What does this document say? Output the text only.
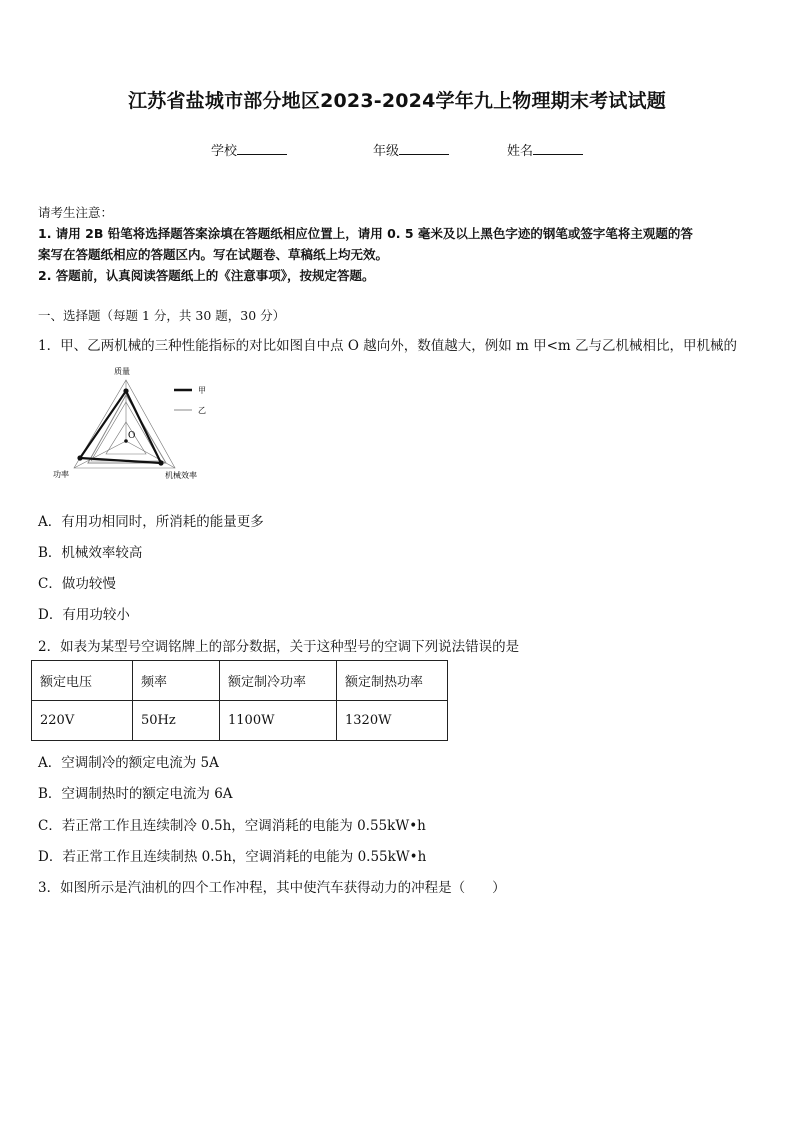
江苏省盐城市部分地区2023-2024学年九上物理期末考试试题
学校	年级	姓名
请考生注意：
1. 请用 2B 铅笔将选择题答案涂填在答题纸相应位置上，请用 0. 5 毫米及以上黑色字迹的钢笔或签字笔将主观题的答
案写在答题纸相应的答题区内。写在试题卷、草稿纸上均无效。
2. 答题前，认真阅读答题纸上的《注意事项》，按规定答题。
一、选择题（每题 1 分，共 30 题，30 分）
1．甲、乙两机械的三种性能指标的对比如图自中点 O 越向外，数值越大，例如 m 甲<m 乙与乙机械相比，甲机械的
O
质量
功率	机械效率
甲
乙
A．有用功相同时，所消耗的能量更多
B．机械效率较高
C．做功较慢
D．有用功较小
2．如表为某型号空调铭牌上的部分数据，关于这种型号的空调下列说法错误的是
额定电压	频率	额定制冷功率	额定制热功率
220V	50Hz	1100W	1320W
A．空调制冷的额定电流为 5A
B．空调制热时的额定电流为 6A
C．若正常工作且连续制冷 0.5h，空调消耗的电能为 0.55kW•h
D．若正常工作且连续制热 0.5h，空调消耗的电能为 0.55kW•h
3．如图所示是汽油机的四个工作冲程，其中使汽车获得动力的冲程是（　　）
